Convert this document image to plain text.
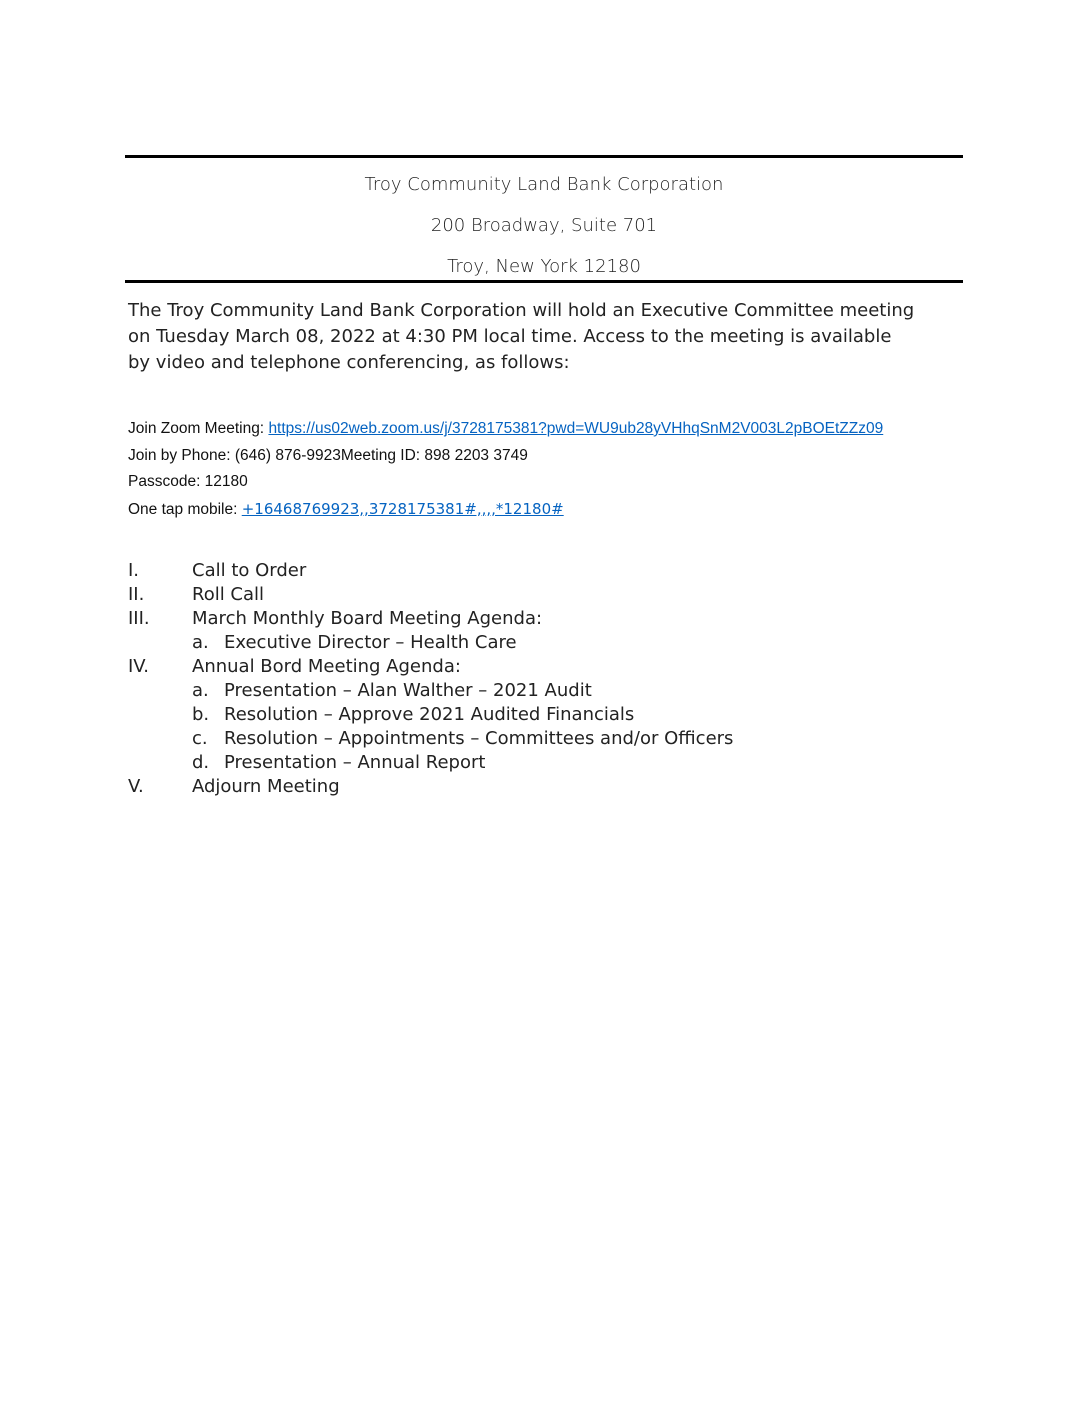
Troy Community Land Bank Corporation
200 Broadway, Suite 701
Troy, New York 12180
The Troy Community Land Bank Corporation will hold an Executive Committee meeting
on Tuesday March 08, 2022 at 4:30 PM local time. Access to the meeting is available
by video and telephone conferencing, as follows:
Join Zoom Meeting: https://us02web.zoom.us/j/3728175381?pwd=WU9ub28yVHhqSnM2V003L2pBOEtZZz09
Join by Phone: (646) 876-9923Meeting ID: 898 2203 3749
Passcode: 12180
One tap mobile: +16468769923,,3728175381#,,,,*12180#
I.	Call to Order
II.	Roll Call
III.	March Monthly Board Meeting Agenda:
a. Executive Director – Health Care
IV.	Annual Bord Meeting Agenda:
a. Presentation – Alan Walther – 2021 Audit
b. Resolution – Approve 2021 Audited Financials
c. Resolution – Appointments – Committees and/or Officers
d. Presentation – Annual Report
V.	Adjourn Meeting
